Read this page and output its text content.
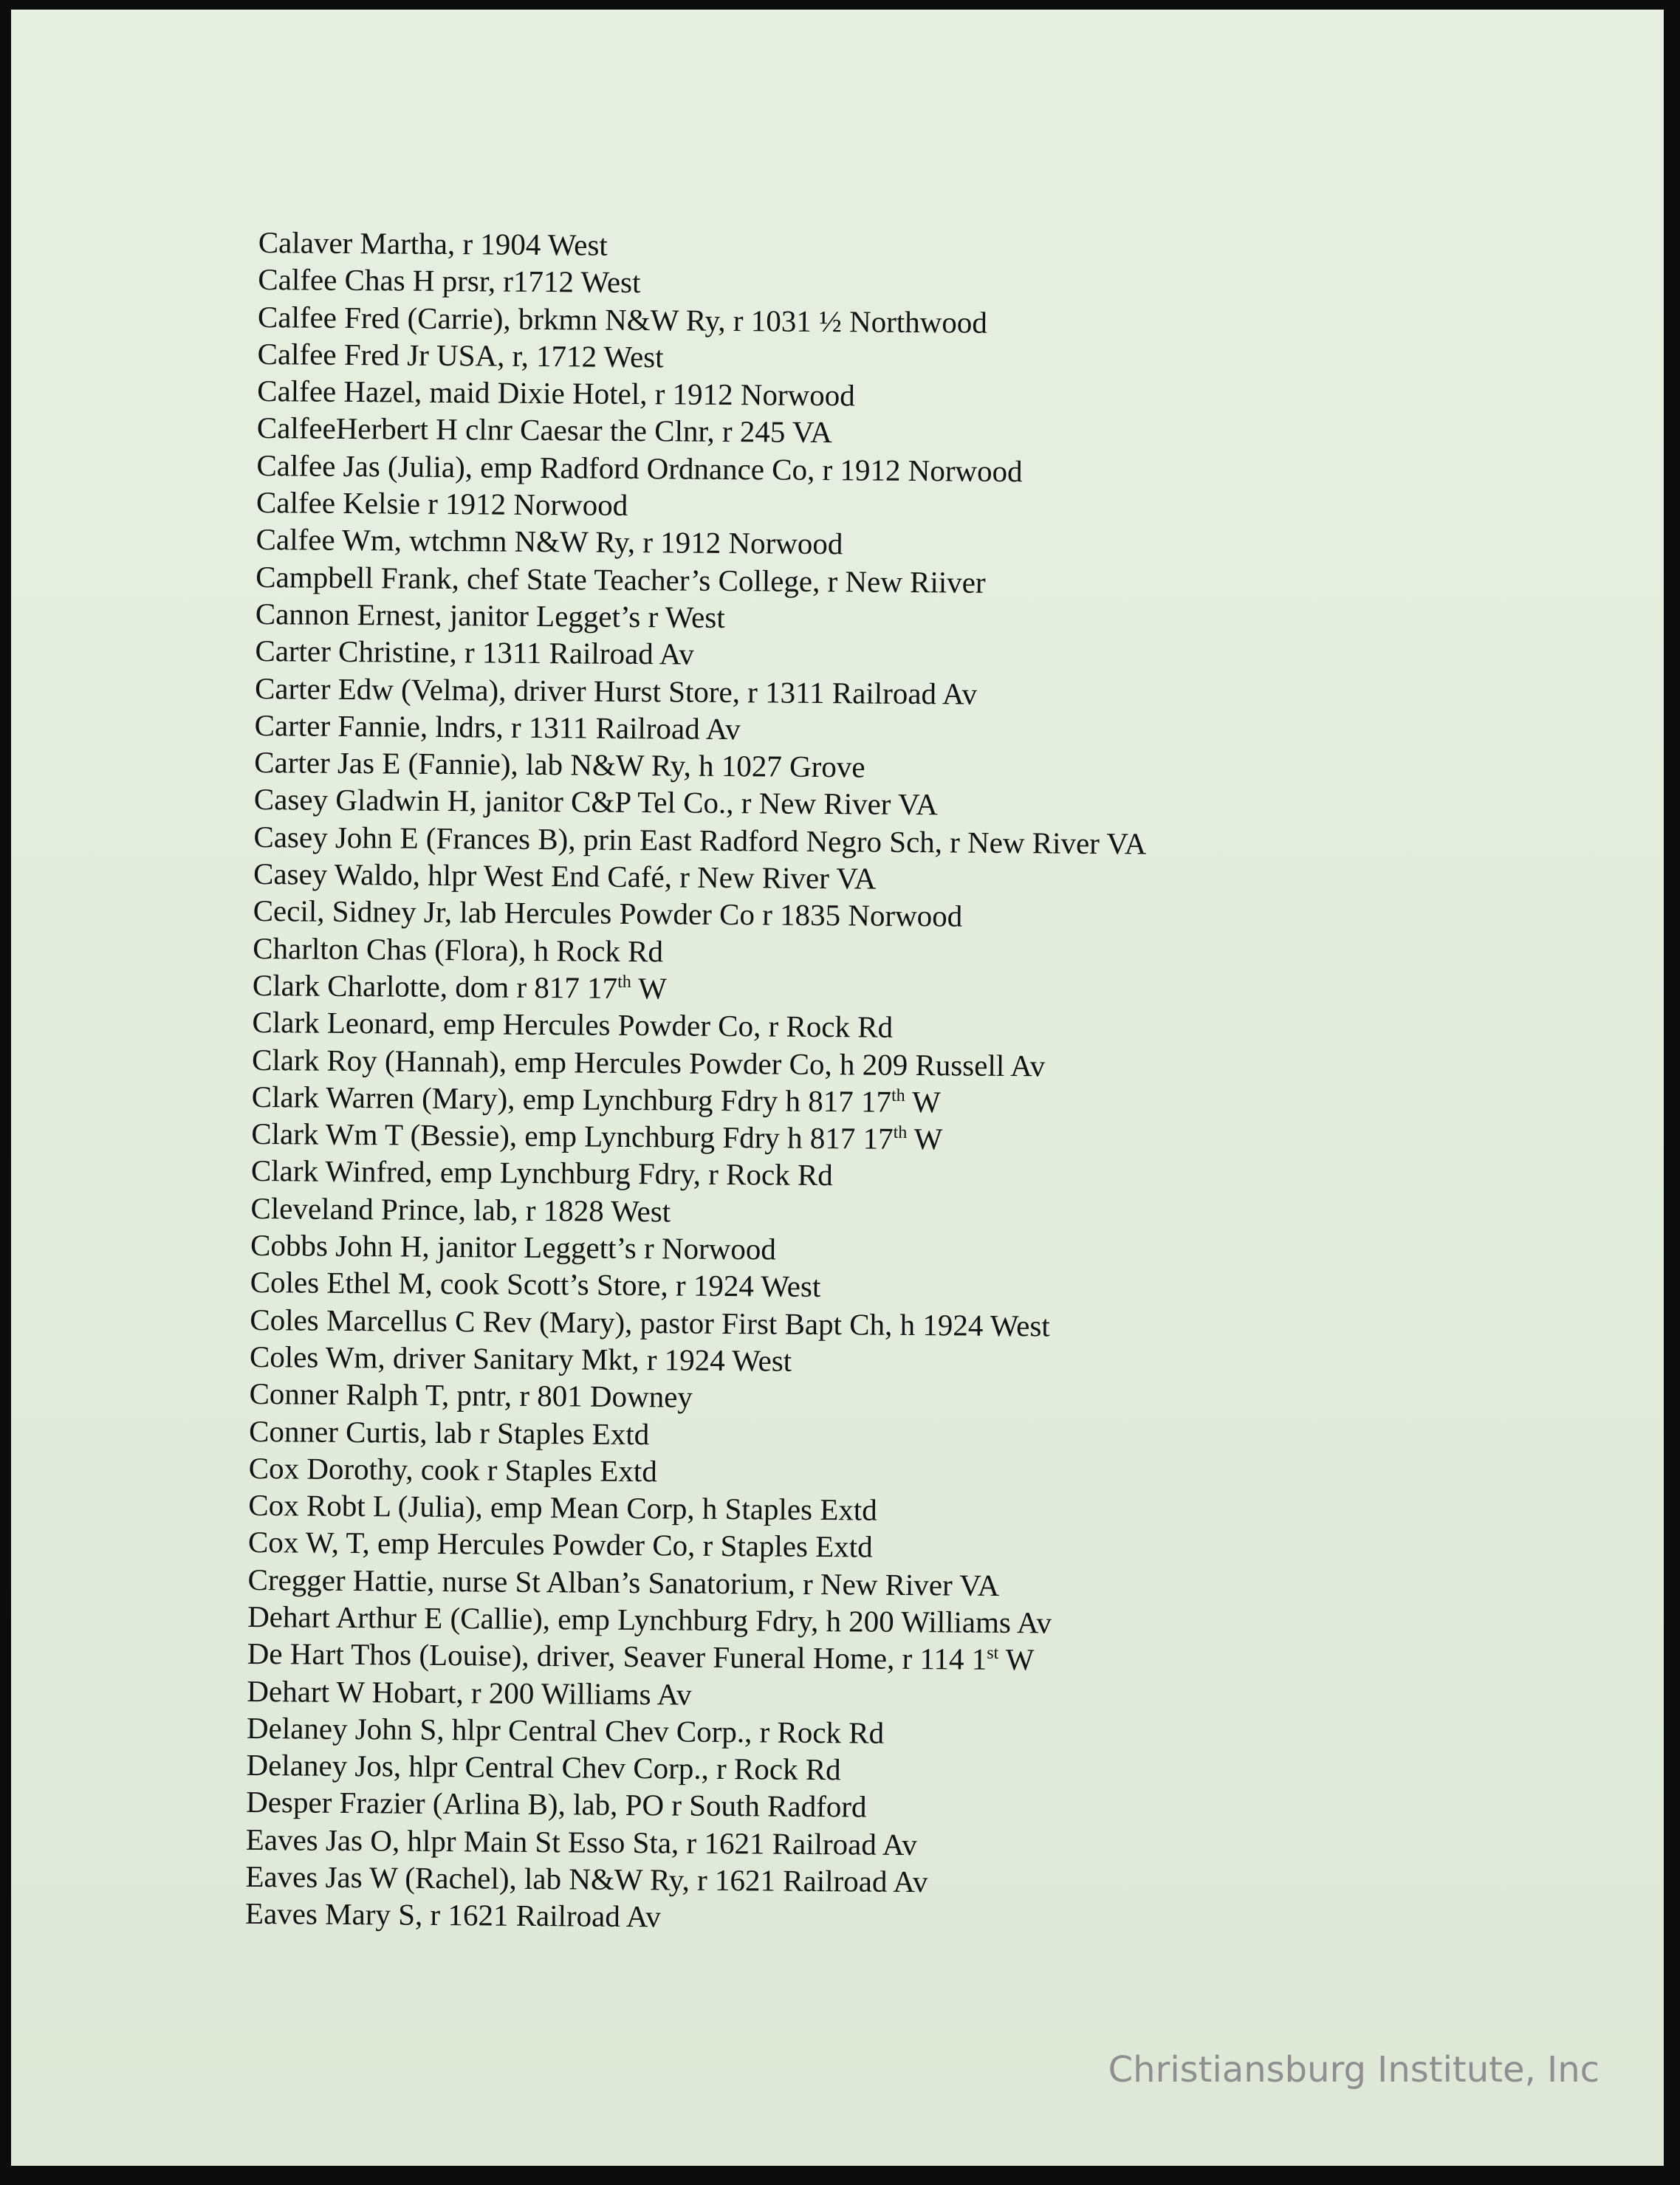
Calaver Martha, r 1904 West
Calfee Chas H prsr, r1712 West
Calfee Fred (Carrie), brkmn N&W Ry, r 1031 ½ Northwood
Calfee Fred Jr USA, r, 1712 West
Calfee Hazel, maid Dixie Hotel, r 1912 Norwood
CalfeeHerbert H clnr Caesar the Clnr, r 245 VA
Calfee Jas (Julia), emp Radford Ordnance Co, r 1912 Norwood
Calfee Kelsie r 1912 Norwood
Calfee Wm, wtchmn N&W Ry, r 1912 Norwood
Campbell Frank, chef State Teacher’s College, r New Riiver
Cannon Ernest, janitor Legget’s r West
Carter Christine, r 1311 Railroad Av
Carter Edw (Velma), driver Hurst Store, r 1311 Railroad Av
Carter Fannie, lndrs, r 1311 Railroad Av
Carter Jas E (Fannie), lab N&W Ry, h 1027 Grove
Casey Gladwin H, janitor C&P Tel Co., r New River VA
Casey John E (Frances B), prin East Radford Negro Sch, r New River VA
Casey Waldo, hlpr West End Café, r New River VA
Cecil, Sidney Jr, lab Hercules Powder Co r 1835 Norwood
Charlton Chas (Flora), h Rock Rd
Clark Charlotte, dom r 817 17th W
Clark Leonard, emp Hercules Powder Co, r Rock Rd
Clark Roy (Hannah), emp Hercules Powder Co, h 209 Russell Av
Clark Warren (Mary), emp Lynchburg Fdry h 817 17th W
Clark Wm T (Bessie), emp Lynchburg Fdry h 817 17th W
Clark Winfred, emp Lynchburg Fdry, r Rock Rd
Cleveland Prince, lab, r 1828 West
Cobbs John H, janitor Leggett’s r Norwood
Coles Ethel M, cook Scott’s Store, r 1924 West
Coles Marcellus C Rev (Mary), pastor First Bapt Ch, h 1924 West
Coles Wm, driver Sanitary Mkt, r 1924 West
Conner Ralph T, pntr, r 801 Downey
Conner Curtis, lab r Staples Extd
Cox Dorothy, cook r Staples Extd
Cox Robt L (Julia), emp Mean Corp, h Staples Extd
Cox W, T, emp Hercules Powder Co, r Staples Extd
Cregger Hattie, nurse St Alban’s Sanatorium, r New River VA
Dehart Arthur E (Callie), emp Lynchburg Fdry, h 200 Williams Av
De Hart Thos (Louise), driver, Seaver Funeral Home, r 114 1st W
Dehart W Hobart, r 200 Williams Av
Delaney John S, hlpr Central Chev Corp., r Rock Rd
Delaney Jos, hlpr Central Chev Corp., r Rock Rd
Desper Frazier (Arlina B), lab, PO r South Radford
Eaves Jas O, hlpr Main St Esso Sta, r 1621 Railroad Av
Eaves Jas W (Rachel), lab N&W Ry, r 1621 Railroad Av
Eaves Mary S, r 1621 Railroad Av
Christiansburg Institute, Inc
